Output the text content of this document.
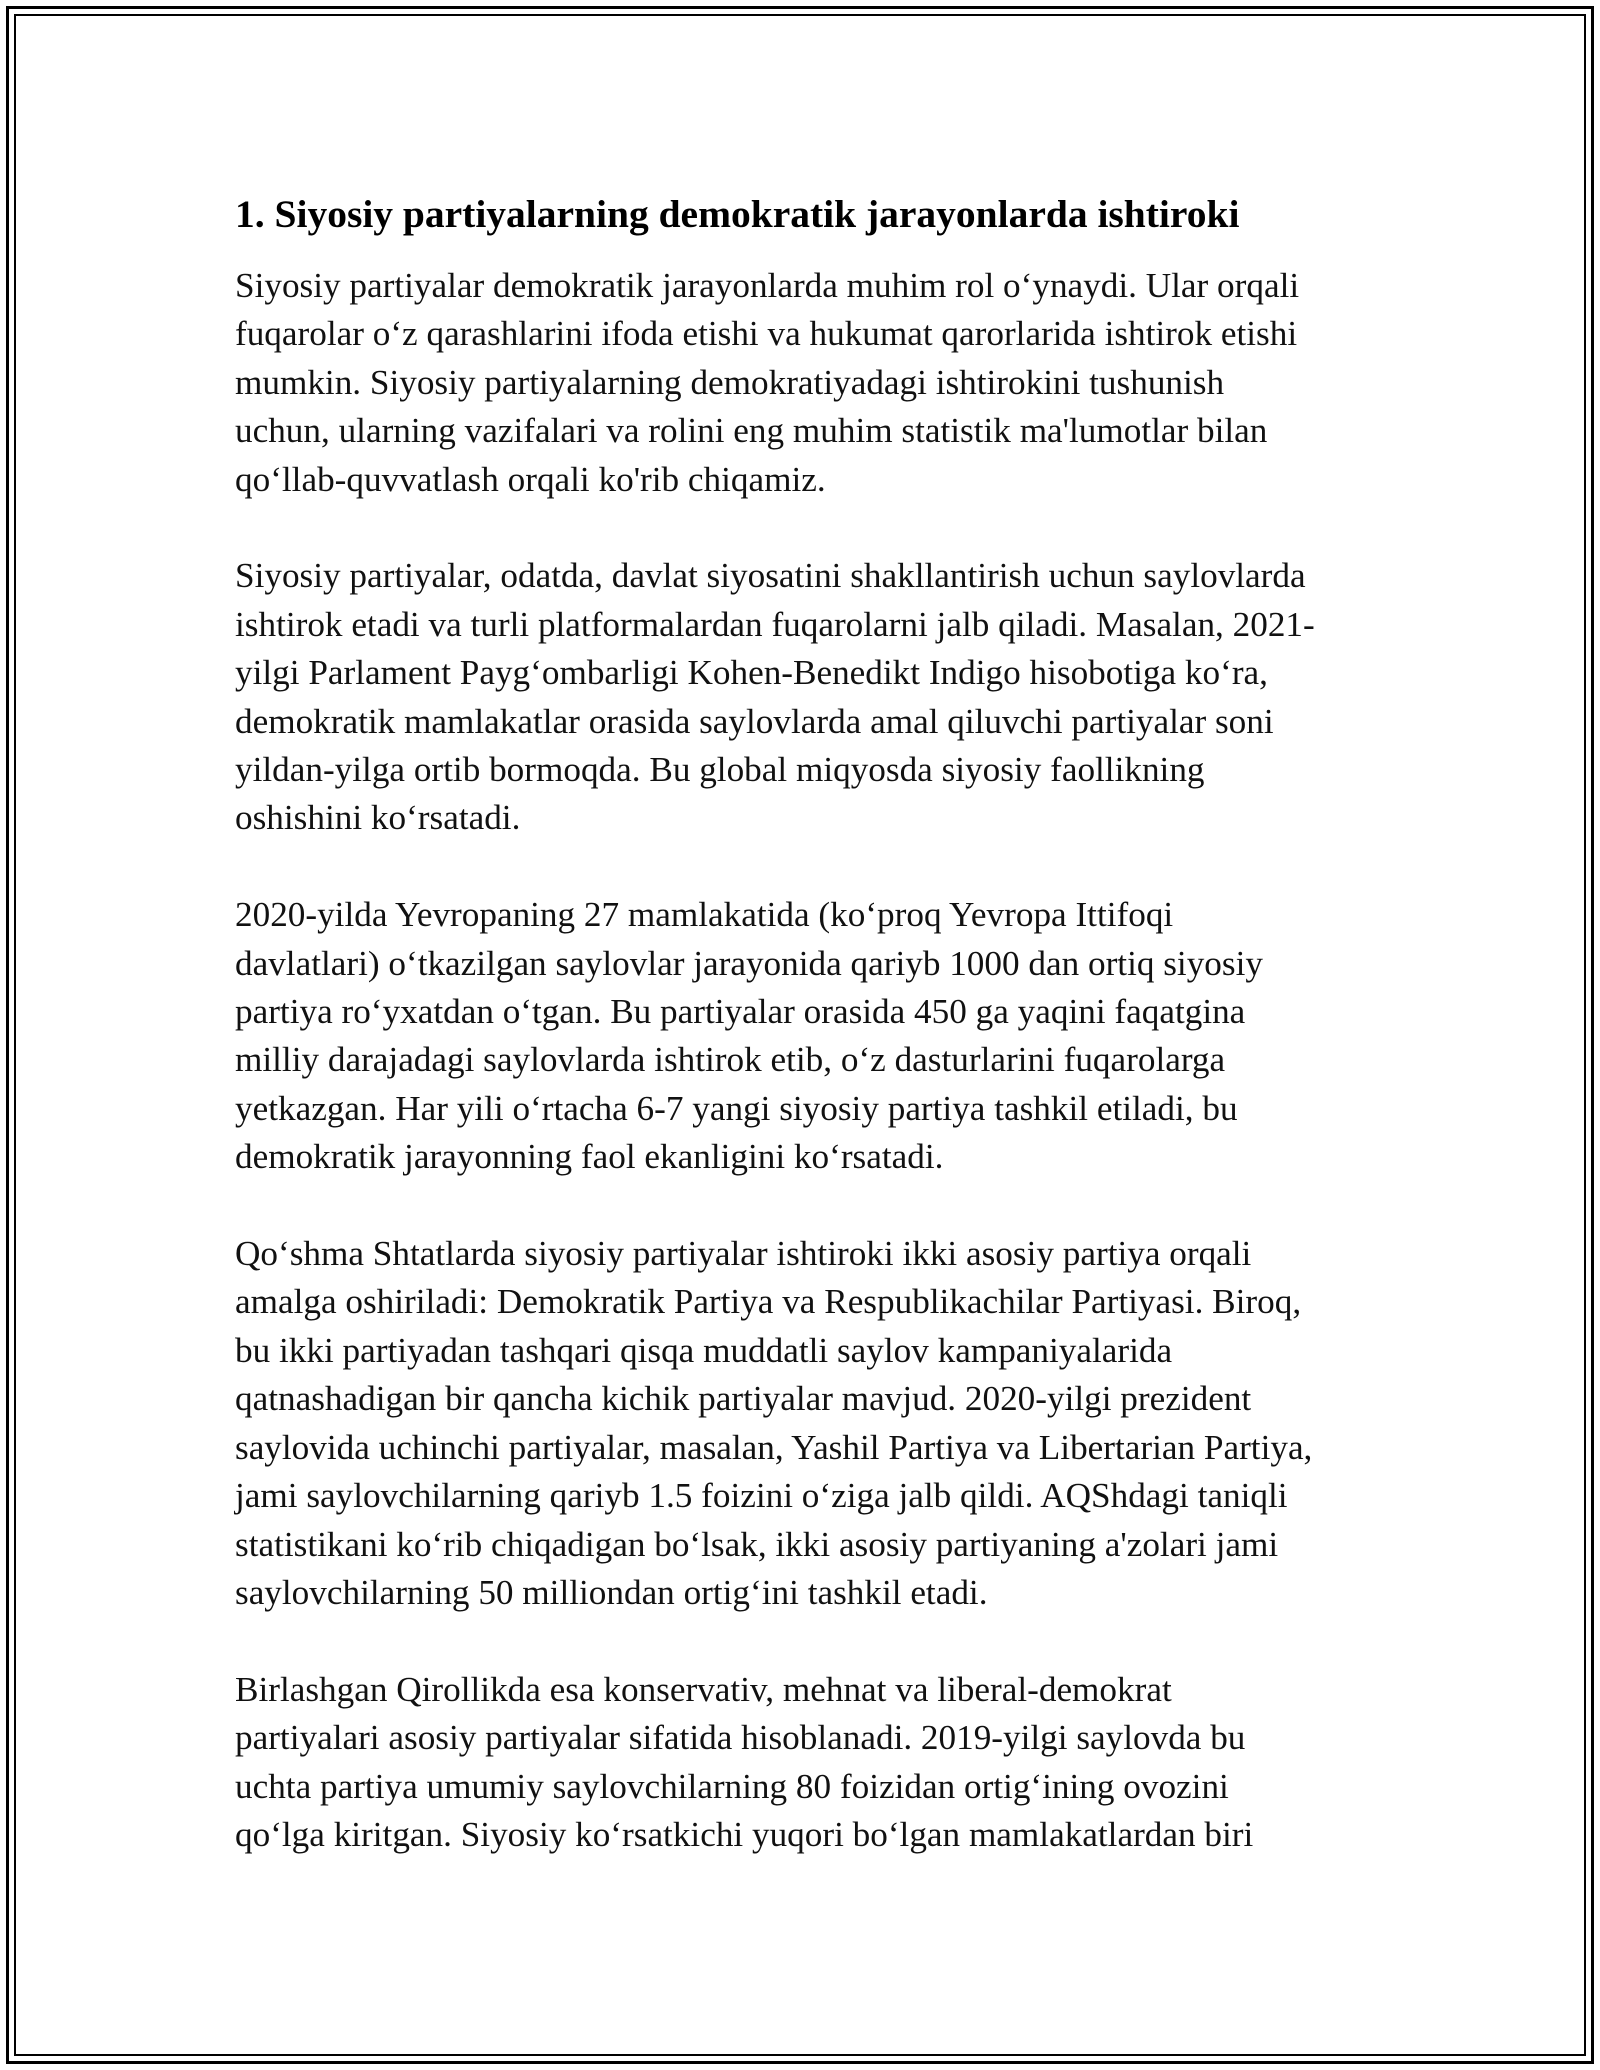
1. Siyosiy partiyalarning demokratik jarayonlarda ishtiroki

Siyosiy partiyalar demokratik jarayonlarda muhim rol o‘ynaydi. Ular orqali
fuqarolar o‘z qarashlarini ifoda etishi va hukumat qarorlarida ishtirok etishi
mumkin. Siyosiy partiyalarning demokratiyadagi ishtirokini tushunish
uchun, ularning vazifalari va rolini eng muhim statistik ma'lumotlar bilan
qo‘llab-quvvatlash orqali ko'rib chiqamiz.

Siyosiy partiyalar, odatda, davlat siyosatini shakllantirish uchun saylovlarda
ishtirok etadi va turli platformalardan fuqarolarni jalb qiladi. Masalan, 2021-
yilgi Parlament Payg‘ombarligi Kohen-Benedikt Indigo hisobotiga ko‘ra,
demokratik mamlakatlar orasida saylovlarda amal qiluvchi partiyalar soni
yildan-yilga ortib bormoqda. Bu global miqyosda siyosiy faollikning
oshishini ko‘rsatadi.

2020-yilda Yevropaning 27 mamlakatida (ko‘proq Yevropa Ittifoqi
davlatlari) o‘tkazilgan saylovlar jarayonida qariyb 1000 dan ortiq siyosiy
partiya ro‘yxatdan o‘tgan. Bu partiyalar orasida 450 ga yaqini faqatgina
milliy darajadagi saylovlarda ishtirok etib, o‘z dasturlarini fuqarolarga
yetkazgan. Har yili o‘rtacha 6-7 yangi siyosiy partiya tashkil etiladi, bu
demokratik jarayonning faol ekanligini ko‘rsatadi.

Qo‘shma Shtatlarda siyosiy partiyalar ishtiroki ikki asosiy partiya orqali
amalga oshiriladi: Demokratik Partiya va Respublikachilar Partiyasi. Biroq,
bu ikki partiyadan tashqari qisqa muddatli saylov kampaniyalarida
qatnashadigan bir qancha kichik partiyalar mavjud. 2020-yilgi prezident
saylovida uchinchi partiyalar, masalan, Yashil Partiya va Libertarian Partiya,
jami saylovchilarning qariyb 1.5 foizini o‘ziga jalb qildi. AQShdagi taniqli
statistikani ko‘rib chiqadigan bo‘lsak, ikki asosiy partiyaning a'zolari jami
saylovchilarning 50 milliondan ortig‘ini tashkil etadi.

Birlashgan Qirollikda esa konservativ, mehnat va liberal-demokrat
partiyalari asosiy partiyalar sifatida hisoblanadi. 2019-yilgi saylovda bu
uchta partiya umumiy saylovchilarning 80 foizidan ortig‘ining ovozini
qo‘lga kiritgan. Siyosiy ko‘rsatkichi yuqori bo‘lgan mamlakatlardan biri
